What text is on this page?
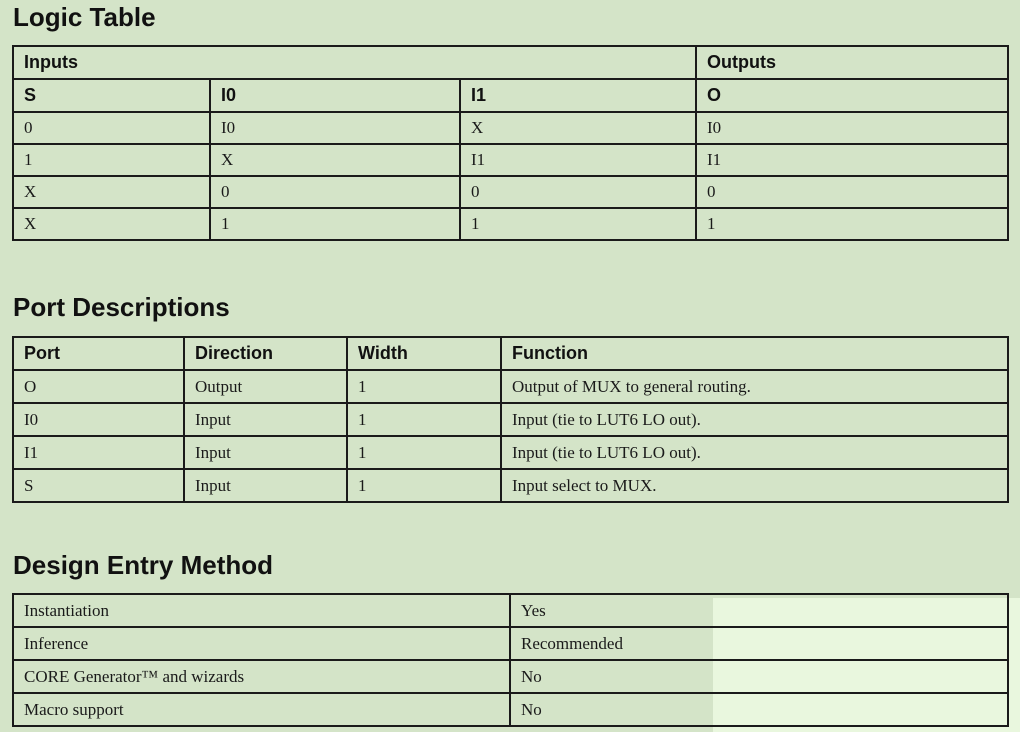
Logic Table
Inputs			Outputs
S	I0	I1	O
0	I0	X	I0
1	X	I1	I1
X	0	0	0
X	1	1	1
Port Descriptions
Port	Direction	Width	Function
O	Output	1	Output of MUX to general routing.
I0	Input	1	Input (tie to LUT6 LO out).
I1	Input	1	Input (tie to LUT6 LO out).
S	Input	1	Input select to MUX.
Design Entry Method
Instantiation	Yes
Inference	Recommended
CORE Generator™ and wizards	No
Macro support	No
